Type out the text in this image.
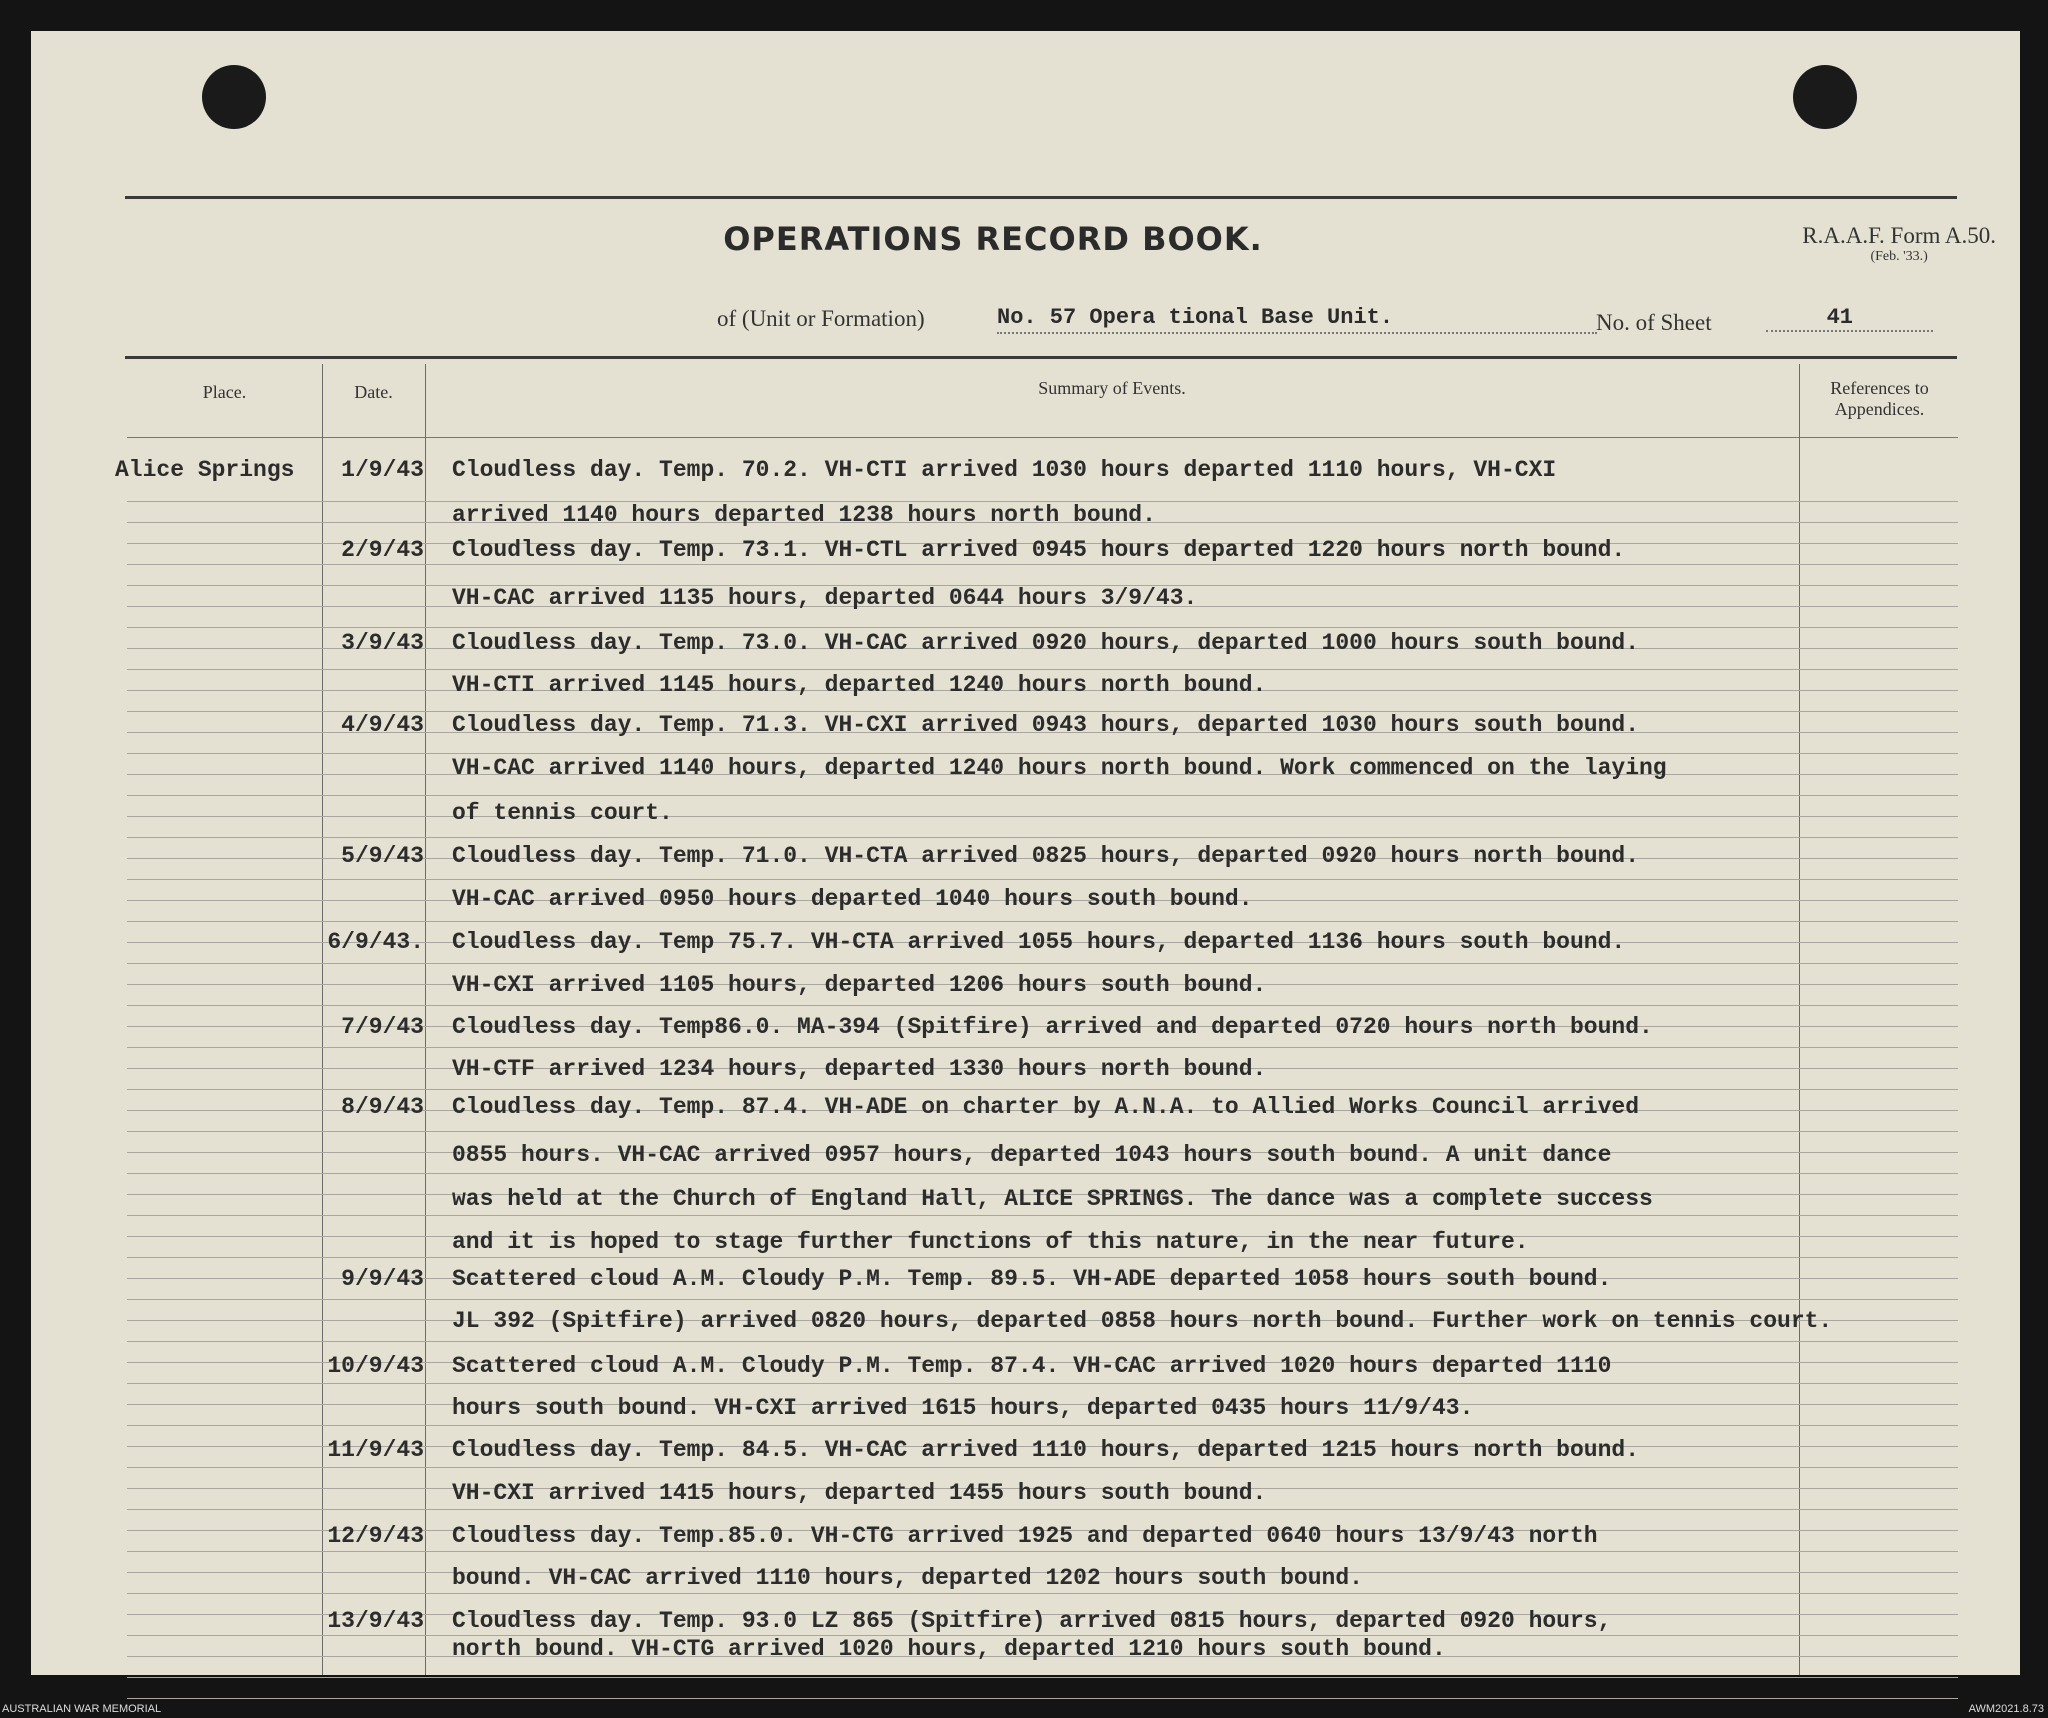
OPERATIONS RECORD BOOK.	R.A.A.F. Form A.50.
(Feb. '33.)
of (Unit or Formation)	No. 57 Opera tional Base Unit.	No. of Sheet	41
Place.	Date.	Summary of Events.	References to Appendices.
Alice Springs	1/9/43 Cloudless day. Temp. 70.2. VH-CTI arrived 1030 hours departed 1110 hours, VH-CXI
arrived 1140 hours departed 1238 hours north bound.
2/9/43 Cloudless day. Temp. 73.1. VH-CTL arrived 0945 hours departed 1220 hours north bound.
VH-CAC arrived 1135 hours, departed 0644 hours 3/9/43.
3/9/43 Cloudless day. Temp. 73.0. VH-CAC arrived 0920 hours, departed 1000 hours south bound.
VH-CTI arrived 1145 hours, departed 1240 hours north bound.
4/9/43 Cloudless day. Temp. 71.3. VH-CXI arrived 0943 hours, departed 1030 hours south bound.
VH-CAC arrived 1140 hours, departed 1240 hours north bound. Work commenced on the laying
of tennis court.
5/9/43 Cloudless day. Temp. 71.0. VH-CTA arrived 0825 hours, departed 0920 hours north bound.
VH-CAC arrived 0950 hours departed 1040 hours south bound.
6/9/43. Cloudless day. Temp 75.7. VH-CTA arrived 1055 hours, departed 1136 hours south bound.
VH-CXI arrived 1105 hours, departed 1206 hours south bound.
7/9/43 Cloudless day. Temp86.0. MA-394 (Spitfire) arrived and departed 0720 hours north bound.
VH-CTF arrived 1234 hours, departed 1330 hours north bound.
8/9/43 Cloudless day. Temp. 87.4. VH-ADE on charter by A.N.A. to Allied Works Council arrived
0855 hours. VH-CAC arrived 0957 hours, departed 1043 hours south bound. A unit dance
was held at the Church of England Hall, ALICE SPRINGS. The dance was a complete success
and it is hoped to stage further functions of this nature, in the near future.
9/9/43 Scattered cloud A.M. Cloudy P.M. Temp. 89.5. VH-ADE departed 1058 hours south bound.
JL 392 (Spitfire) arrived 0820 hours, departed 0858 hours north bound. Further work on tennis court.
10/9/43 Scattered cloud A.M. Cloudy P.M. Temp. 87.4. VH-CAC arrived 1020 hours departed 1110
hours south bound. VH-CXI arrived 1615 hours, departed 0435 hours 11/9/43.
11/9/43 Cloudless day. Temp. 84.5. VH-CAC arrived 1110 hours, departed 1215 hours north bound.
VH-CXI arrived 1415 hours, departed 1455 hours south bound.
12/9/43 Cloudless day. Temp.85.0. VH-CTG arrived 1925 and departed 0640 hours 13/9/43 north
bound. VH-CAC arrived 1110 hours, departed 1202 hours south bound.
13/9/43 Cloudless day. Temp. 93.0 LZ 865 (Spitfire) arrived 0815 hours, departed 0920 hours,
north bound. VH-CTG arrived 1020 hours, departed 1210 hours south bound.
AUSTRALIAN WAR MEMORIAL	AWM2021.8.73
